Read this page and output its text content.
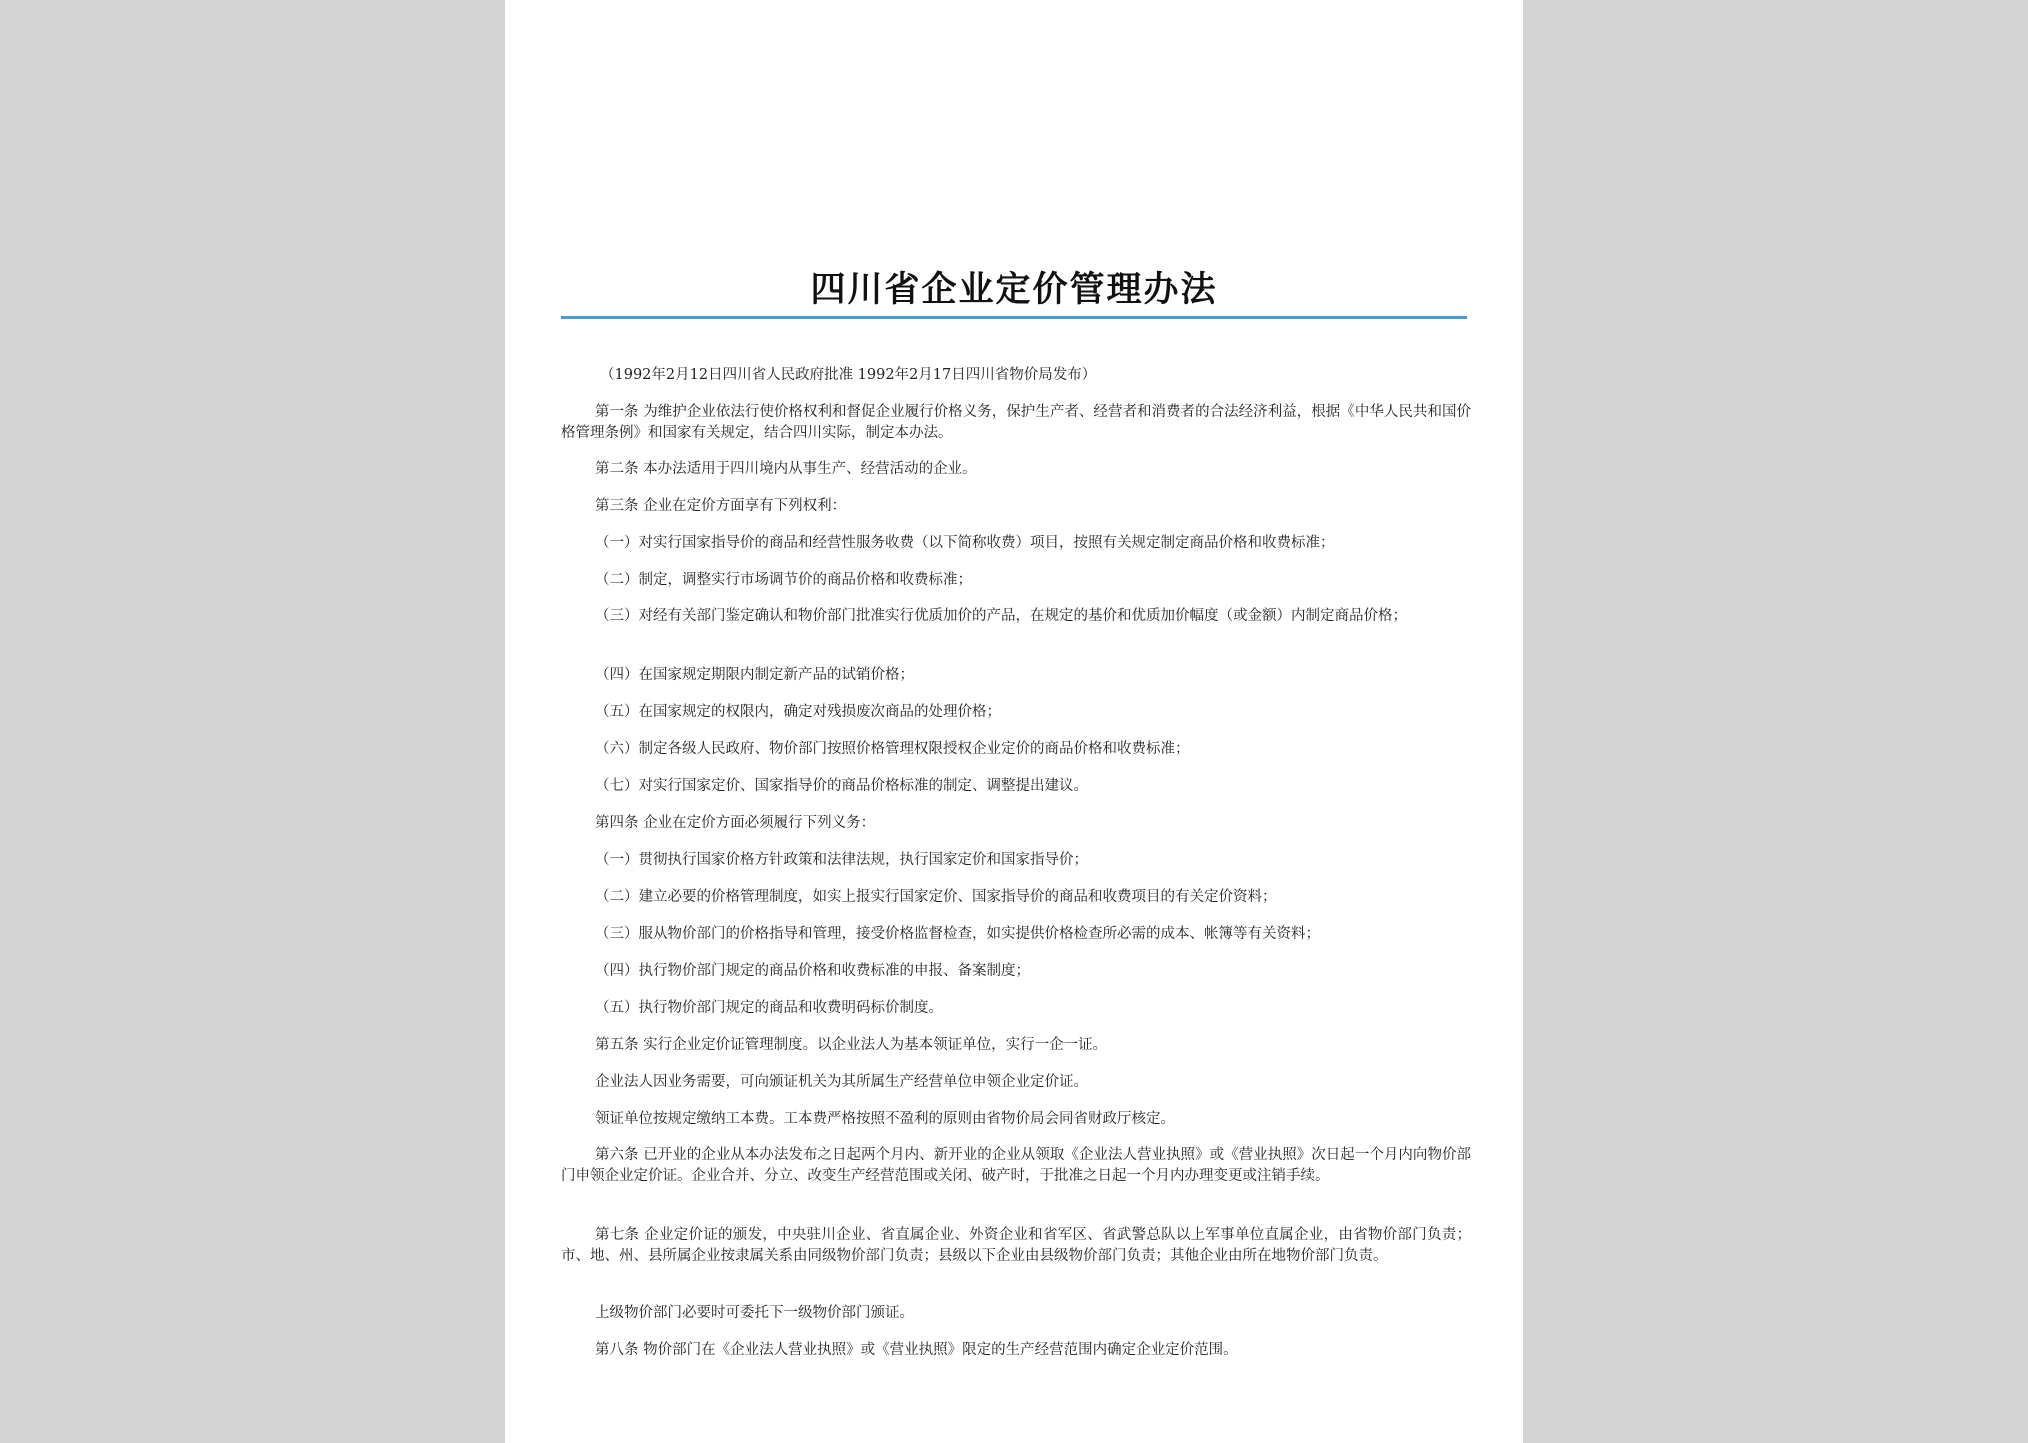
四川省企业定价管理办法
（1992年2月12日四川省人民政府批准 1992年2月17日四川省物价局发布）
第一条 为维护企业依法行使价格权利和督促企业履行价格义务，保护生产者、经营者和消费者的合法经济利益，根据《中华人民共和国价格管理条例》和国家有关规定，结合四川实际，制定本办法。
第二条 本办法适用于四川境内从事生产、经营活动的企业。
第三条 企业在定价方面享有下列权利：
（一）对实行国家指导价的商品和经营性服务收费（以下简称收费）项目，按照有关规定制定商品价格和收费标准；
（二）制定，调整实行市场调节价的商品价格和收费标准；
（三）对经有关部门鉴定确认和物价部门批准实行优质加价的产品，在规定的基价和优质加价幅度（或金额）内制定商品价格；
（四）在国家规定期限内制定新产品的试销价格；
（五）在国家规定的权限内，确定对残损废次商品的处理价格；
（六）制定各级人民政府、物价部门按照价格管理权限授权企业定价的商品价格和收费标准；
（七）对实行国家定价、国家指导价的商品价格标准的制定、调整提出建议。
第四条 企业在定价方面必须履行下列义务：
（一）贯彻执行国家价格方针政策和法律法规，执行国家定价和国家指导价；
（二）建立必要的价格管理制度，如实上报实行国家定价、国家指导价的商品和收费项目的有关定价资料；
（三）服从物价部门的价格指导和管理，接受价格监督检查，如实提供价格检查所必需的成本、帐簿等有关资料；
（四）执行物价部门规定的商品价格和收费标准的申报、备案制度；
（五）执行物价部门规定的商品和收费明码标价制度。
第五条 实行企业定价证管理制度。以企业法人为基本领证单位，实行一企一证。
企业法人因业务需要，可向颁证机关为其所属生产经营单位申领企业定价证。
领证单位按规定缴纳工本费。工本费严格按照不盈利的原则由省物价局会同省财政厅核定。
第六条 已开业的企业从本办法发布之日起两个月内、新开业的企业从领取《企业法人营业执照》或《营业执照》次日起一个月内向物价部门申领企业定价证。企业合并、分立、改变生产经营范围或关闭、破产时，于批准之日起一个月内办理变更或注销手续。
第七条 企业定价证的颁发，中央驻川企业、省直属企业、外资企业和省军区、省武警总队以上军事单位直属企业，由省物价部门负责；市、地、州、县所属企业按隶属关系由同级物价部门负责；县级以下企业由县级物价部门负责；其他企业由所在地物价部门负责。
上级物价部门必要时可委托下一级物价部门颁证。
第八条 物价部门在《企业法人营业执照》或《营业执照》限定的生产经营范围内确定企业定价范围。
